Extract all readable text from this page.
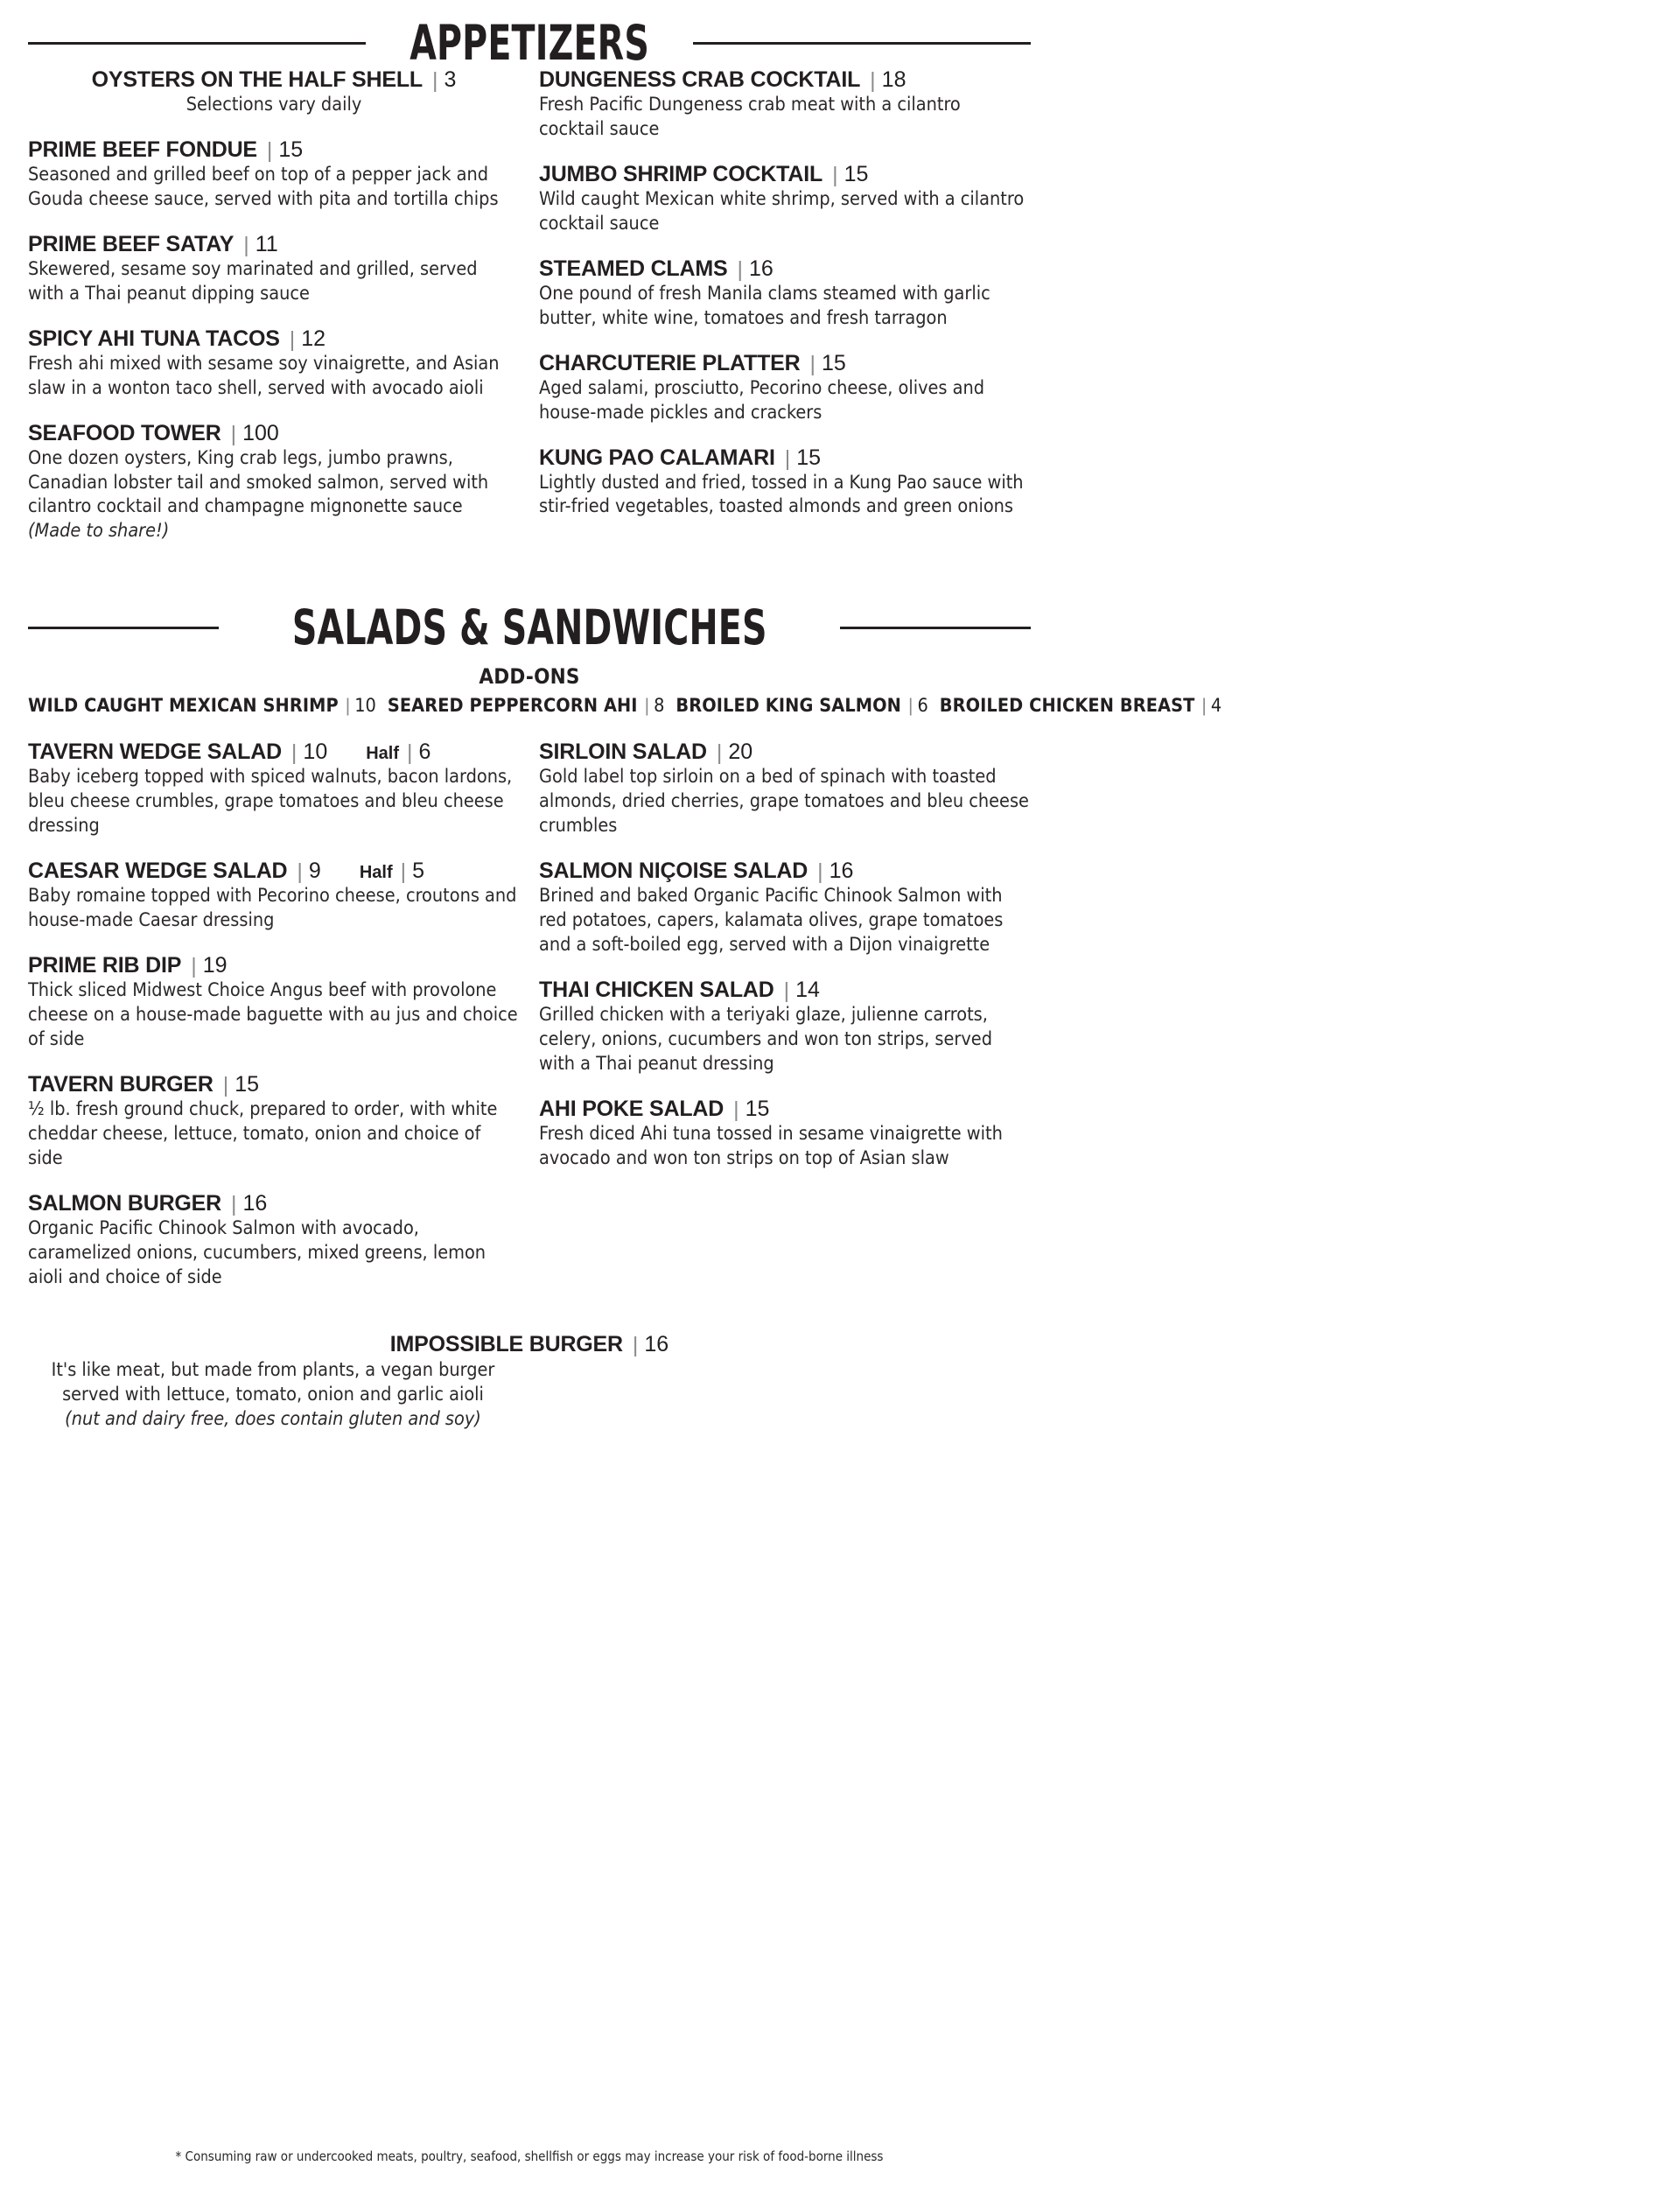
APPETIZERS
OYSTERS ON THE HALF SHELL | 3
Selections vary daily
PRIME BEEF FONDUE | 15
Seasoned and grilled beef on top of a pepper jack and Gouda cheese sauce, served with pita and tortilla chips
PRIME BEEF SATAY | 11
Skewered, sesame soy marinated and grilled, served with a Thai peanut dipping sauce
SPICY AHI TUNA TACOS | 12
Fresh ahi mixed with sesame soy vinaigrette, and Asian slaw in a wonton taco shell, served with avocado aioli
SEAFOOD TOWER | 100
One dozen oysters, King crab legs, jumbo prawns, Canadian lobster tail and smoked salmon, served with cilantro cocktail and champagne mignonette sauce (Made to share!)
DUNGENESS CRAB COCKTAIL | 18
Fresh Pacific Dungeness crab meat with a cilantro cocktail sauce
JUMBO SHRIMP COCKTAIL | 15
Wild caught Mexican white shrimp, served with a cilantro cocktail sauce
STEAMED CLAMS | 16
One pound of fresh Manila clams steamed with garlic butter, white wine, tomatoes and fresh tarragon
CHARCUTERIE PLATTER | 15
Aged salami, prosciutto, Pecorino cheese, olives and house-made pickles and crackers
KUNG PAO CALAMARI | 15
Lightly dusted and fried, tossed in a Kung Pao sauce with stir-fried vegetables, toasted almonds and green onions
SALADS & SANDWICHES
ADD-ONS
WILD CAUGHT MEXICAN SHRIMP | 10 SEARED PEPPERCORN AHI | 8 BROILED KING SALMON | 6 BROILED CHICKEN BREAST | 4
TAVERN WEDGE SALAD | 10 Half | 6
Baby iceberg topped with spiced walnuts, bacon lardons, bleu cheese crumbles, grape tomatoes and bleu cheese dressing
CAESAR WEDGE SALAD | 9 Half | 5
Baby romaine topped with Pecorino cheese, croutons and house-made Caesar dressing
PRIME RIB DIP | 19
Thick sliced Midwest Choice Angus beef with provolone cheese on a house-made baguette with au jus and choice of side
TAVERN BURGER | 15
½ lb. fresh ground chuck, prepared to order, with white cheddar cheese, lettuce, tomato, onion and choice of side
SALMON BURGER | 16
Organic Pacific Chinook Salmon with avocado, caramelized onions, cucumbers, mixed greens, lemon aioli and choice of side
SIRLOIN SALAD | 20
Gold label top sirloin on a bed of spinach with toasted almonds, dried cherries, grape tomatoes and bleu cheese crumbles
SALMON NIÇOISE SALAD | 16
Brined and baked Organic Pacific Chinook Salmon with red potatoes, capers, kalamata olives, grape tomatoes and a soft-boiled egg, served with a Dijon vinaigrette
THAI CHICKEN SALAD | 14
Grilled chicken with a teriyaki glaze, julienne carrots, celery, onions, cucumbers and won ton strips, served with a Thai peanut dressing
AHI POKE SALAD | 15
Fresh diced Ahi tuna tossed in sesame vinaigrette with avocado and won ton strips on top of Asian slaw
IMPOSSIBLE BURGER | 16
It's like meat, but made from plants, a vegan burger
served with lettuce, tomato, onion and garlic aioli
(nut and dairy free, does contain gluten and soy)
* Consuming raw or undercooked meats, poultry, seafood, shellfish or eggs may increase your risk of food-borne illness
